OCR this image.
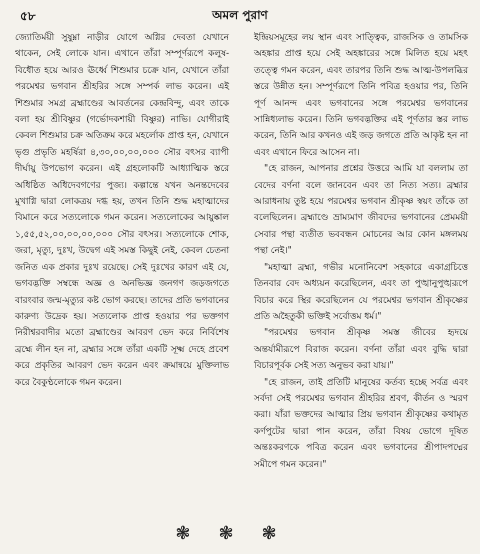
৫৮	অমল পুরাণ

জ্যোতির্ময়ী সুষুম্না নাড়ীর যোগে অগ্নির দেবতা যেখানে থাকেন, সেই লোকে যান। এখানে তাঁরা সম্পূর্ণরূপে কলুষ-বিধৌত হয়ে আরও ঊর্ধ্বে শিশুমার চক্রে যান, যেখানে তাঁরা পরমেশ্বর ভগবান শ্রীহরির সঙ্গে সম্পর্ক লাভ করেন। এই শিশুমার সমগ্র ব্রহ্মাণ্ডের আবর্তনের কেন্দ্রবিন্দু, এবং তাকে বলা হয় শ্রীবিষ্ণুর (গর্ভোদকশায়ী বিষ্ণুর) নাভি। যোগীরাই কেবল শিশুমার চক্র অতিক্রম করে মহর্লোক প্রাপ্ত হন, যেখানে ভৃগু প্রভৃতি মহর্ষিরা ৪,৩০,০০,০০,০০০ সৌর বৎসর ব্যাপী দীর্ঘায়ু উপভোগ করেন। এই গ্রহলোকটি আধ্যাত্মিক স্তরে অধিষ্ঠিত অধিদেবগণের পুজ্য। কল্পান্তে যখন অনন্তদেবের মুখাগ্নি দ্বারা লোকত্রয় দগ্ধ হয়, তখন তিনি শুদ্ধ মহাত্মাদের বিমানে করে সত্যলোকে গমন করেন। সত্যলোকের আয়ুষ্কাল ১,৫৫,৫২,০০,০০,০০,০০০ সৌর বৎসর। সত্যলোকে শোক, জরা, মৃত্যু, দুঃখ, উদ্বেগ এই সমস্ত কিছুই নেই, কেবল চেতনা জনিত এক প্রকার দুঃখ রয়েছে। সেই দুঃখের কারণ এই যে, ভগবদ্ভক্তি সম্বন্ধে অজ্ঞ ও অনভিজ্ঞ জনগণ জড়জগতে বারংবার জন্ম-মৃত্যুর কষ্ট ভোগ করছে। তাদের প্রতি ভগবানের কারুণ্য উদ্রেক হয়। সত্যলোক প্রাপ্ত হওয়ার পর ভক্তগণ নিরীশ্বরবাদীর মতো ব্রহ্মাণ্ডের আবরণ ভেদ করে নির্বিশেষ ব্রহ্মে লীন হন না, ব্রহ্মার সঙ্গে তাঁরা একটি সূক্ষ্ম দেহে প্রবেশ করে প্রকৃতির আবরণ ভেদ করেন এবং ক্রমান্বয়ে মুক্তিলাভ করে বৈকুণ্ঠলোকে গমন করেন।

ইন্দ্রিয়সমূহের লয় স্থান এবং সাত্ত্বিক, রাজসিক ও তামসিক অহঙ্কার প্রাপ্ত হয়ে সেই অহঙ্কারের সঙ্গে মিলিত হয়ে মহৎ তত্ত্বে গমন করেন, এবং তারপর তিনি শুদ্ধ আত্ম-উপলব্ধির স্তরে উন্নীত হন। সম্পূর্ণরূপে তিনি পবিত্র হওয়ার পর, তিনি পূর্ণ আনন্দ এবং ভগবানের সঙ্গে পরমেশ্বর ভগবানের সান্নিধ্যলাভ করেন। তিনি ভগবদ্ভক্তির এই পূর্ণতার স্তর লাভ করেন, তিনি আর কখনও এই জড় জগতে প্রতি আকৃষ্ট হন না এবং এখানে ফিরে আসেন না।

"হে রাজন, আপনার প্রশ্নের উত্তরে আমি যা বললাম তা বেদের বর্ণনা বলে জানবেন এবং তা নিত্য সত্য। ব্রহ্মার আরাধনায় তুষ্ট হয়ে পরমেশ্বর ভগবান শ্রীকৃষ্ণ স্বয়ং তাঁকে তা বলেছিলেন। ব্রহ্মাণ্ডে ভ্রাম্যমাণ জীবদের ভগবানের প্রেমময়ী সেবার পন্থা ব্যতীত ভববন্ধন মোচনের আর কোন মঙ্গলময় পন্থা নেই।"

"মহাত্মা ব্রহ্মা, গভীর মনোনিবেশ সহকারে একাগ্রচিত্তে তিনবার বেদ অধ্যয়ন করেছিলেন, এবং তা পুঙ্খানুপুঙ্খরূপে বিচার করে স্থির করেছিলেন যে পরমেশ্বর ভগবান শ্রীকৃষ্ণের প্রতি অহৈতুকী ভক্তিই সর্বোত্তম ধর্ম।"

"পরমেশ্বর ভগবান শ্রীকৃষ্ণ সমস্ত জীবের হৃদয়ে অন্তর্যামীরূপে বিরাজ করেন। বর্ণনা তাঁরা এবং বুদ্ধি দ্বারা বিচারপূর্বক সেই সত্য অনুভব করা যায়।"

"হে রাজন, তাই প্রতিটি মানুষের কর্তব্য হচ্ছে সর্বত্র এবং সর্বদা সেই পরমেশ্বর ভগবান শ্রীহরির শ্রবণ, কীর্তন ও স্মরণ করা। যাঁরা ভক্তদের আত্মার প্রিয় ভগবান শ্রীকৃষ্ণের কথামৃত কর্ণপুটের দ্বারা পান করেন, তাঁরা বিষয় ভোগে দূষিত অন্তঃকরণকে পবিত্র করেন এবং ভগবানের শ্রীপাদপদ্মের সমীপে গমন করেন।"

❃❃❃
